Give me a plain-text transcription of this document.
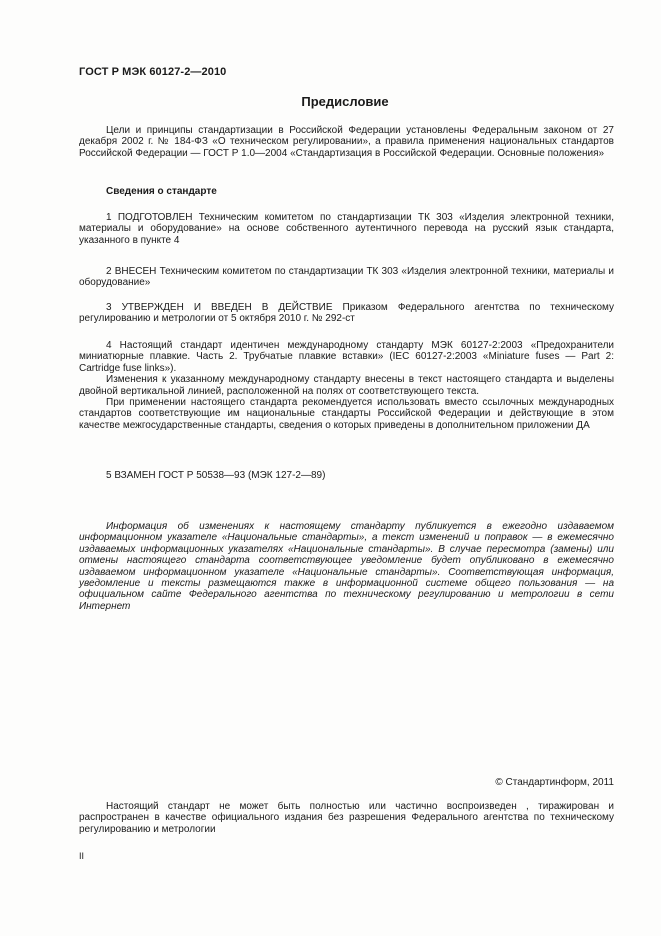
ГОСТ Р МЭК 60127-2—2010
Предисловие

Цели и принципы стандартизации в Российской Федерации установлены Федеральным законом от 27 декабря 2002 г. № 184-ФЗ «О техническом регулировании», а правила применения национальных стандартов Российской Федерации — ГОСТ Р 1.0—2004 «Стандартизация в Российской Федерации. Основные положения»

Сведения о стандарте

1 ПОДГОТОВЛЕН Техническим комитетом по стандартизации ТК 303 «Изделия электронной техники, материалы и оборудование» на основе собственного аутентичного перевода на русский язык стандарта, указанного в пункте 4

2 ВНЕСЕН Техническим комитетом по стандартизации ТК 303 «Изделия электронной техники, материалы и оборудование»

3 УТВЕРЖДЕН И ВВЕДЕН В ДЕЙСТВИЕ Приказом Федерального агентства по техническому регулированию и метрологии от 5 октября 2010 г. № 292-ст

4 Настоящий стандарт идентичен международному стандарту МЭК 60127-2:2003 «Предохранители миниатюрные плавкие. Часть 2. Трубчатые плавкие вставки» (IEC 60127-2:2003 «Miniature fuses — Part 2: Cartridge fuse links»).

Изменения к указанному международному стандарту внесены в текст настоящего стандарта и выделены двойной вертикальной линией, расположенной на полях от соответствующего текста.

При применении настоящего стандарта рекомендуется использовать вместо ссылочных международных стандартов соответствующие им национальные стандарты Российской Федерации и действующие в этом качестве межгосударственные стандарты, сведения о которых приведены в дополнительном приложении ДА

5 ВЗАМЕН ГОСТ Р 50538—93 (МЭК 127-2—89)

Информация об изменениях к настоящему стандарту публикуется в ежегодно издаваемом информационном указателе «Национальные стандарты», а текст изменений и поправок — в ежемесячно издаваемых информационных указателях «Национальные стандарты». В случае пересмотра (замены) или отмены настоящего стандарта соответствующее уведомление будет опубликовано в ежемесячно издаваемом информационном указателе «Национальные стандарты». Соответствующая информация, уведомление и тексты размещаются также в информационной системе общего пользования — на официальном сайте Федерального агентства по техническому регулированию и метрологии в сети Интернет

© Стандартинформ, 2011

Настоящий стандарт не может быть полностью или частично воспроизведен , тиражирован и распространен в качестве официального издания без разрешения Федерального агентства по техническому регулированию и метрологии

II
